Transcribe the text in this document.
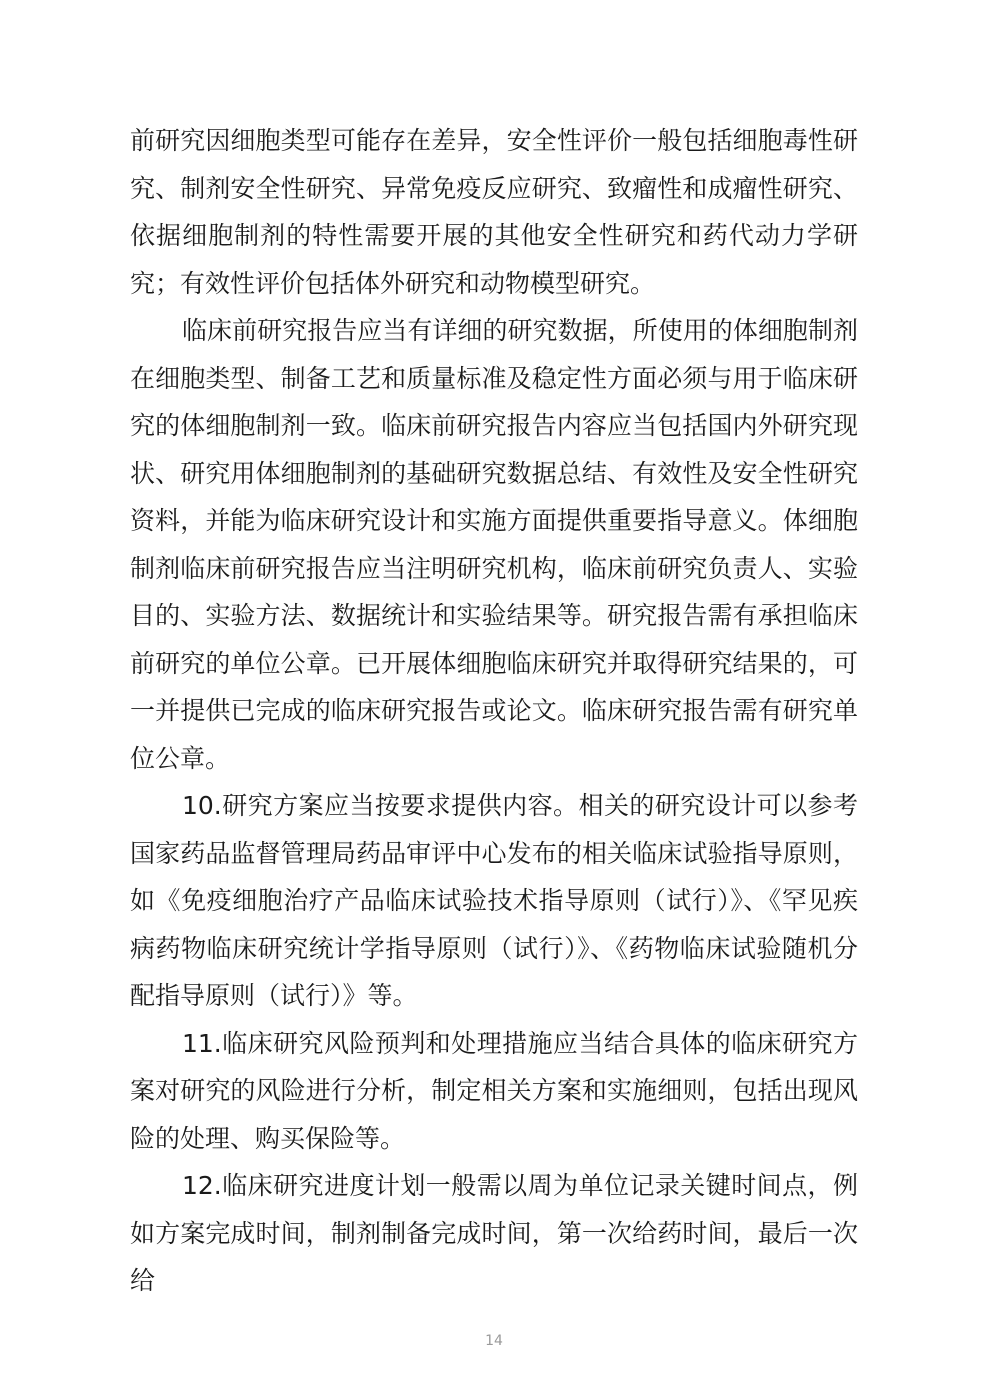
前研究因细胞类型可能存在差异，安全性评价一般包括细胞毒性研究、制剂安全性研究、异常免疫反应研究、致瘤性和成瘤性研究、依据细胞制剂的特性需要开展的其他安全性研究和药代动力学研究；有效性评价包括体外研究和动物模型研究。

临床前研究报告应当有详细的研究数据，所使用的体细胞制剂在细胞类型、制备工艺和质量标准及稳定性方面必须与用于临床研究的体细胞制剂一致。临床前研究报告内容应当包括国内外研究现状、研究用体细胞制剂的基础研究数据总结、有效性及安全性研究资料，并能为临床研究设计和实施方面提供重要指导意义。体细胞制剂临床前研究报告应当注明研究机构，临床前研究负责人、实验目的、实验方法、数据统计和实验结果等。研究报告需有承担临床前研究的单位公章。已开展体细胞临床研究并取得研究结果的，可一并提供已完成的临床研究报告或论文。临床研究报告需有研究单位公章。

10.研究方案应当按要求提供内容。相关的研究设计可以参考国家药品监督管理局药品审评中心发布的相关临床试验指导原则，如《免疫细胞治疗产品临床试验技术指导原则（试行）》、《罕见疾病药物临床研究统计学指导原则（试行）》、《药物临床试验随机分配指导原则（试行）》等。

11.临床研究风险预判和处理措施应当结合具体的临床研究方案对研究的风险进行分析，制定相关方案和实施细则，包括出现风险的处理、购买保险等。

12.临床研究进度计划一般需以周为单位记录关键时间点，例如方案完成时间，制剂制备完成时间，第一次给药时间，最后一次给

14
